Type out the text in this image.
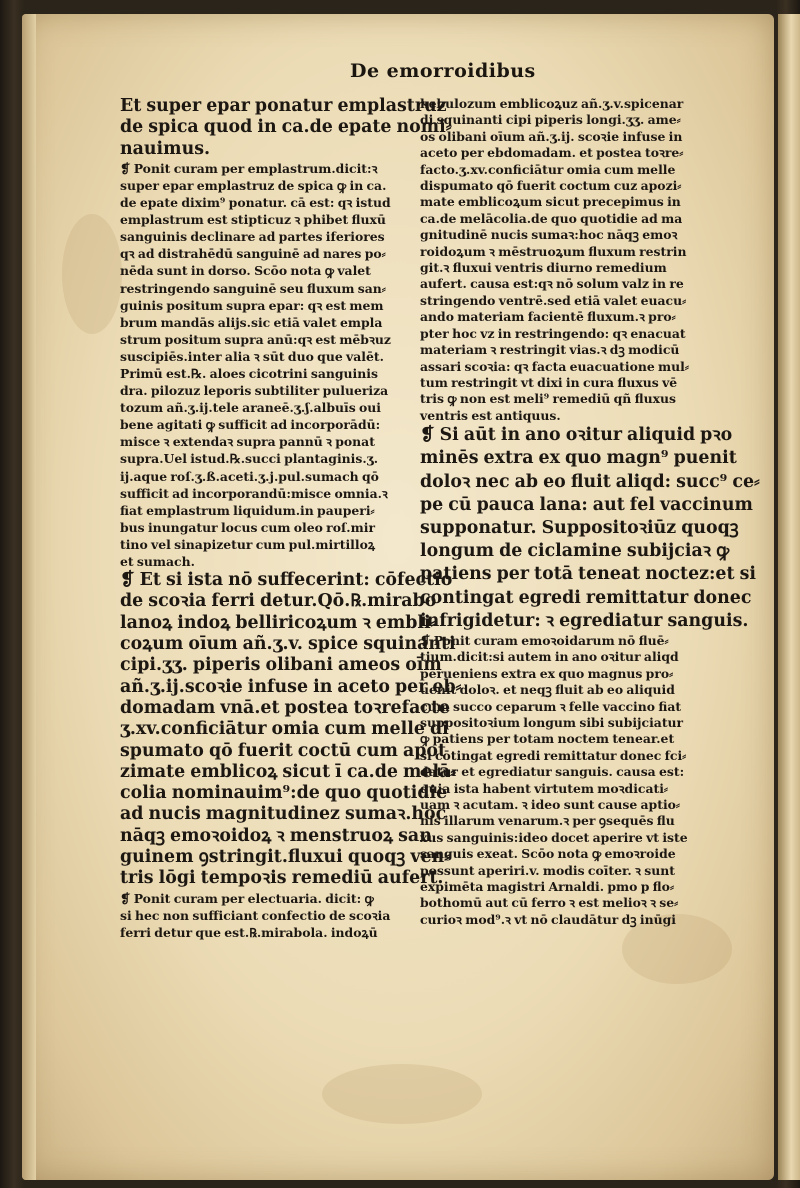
De emorroidibus
Et super epar ponatur emplastruz
de spica quod in ca.de epate nomi⸗
nauimus.
❡ Ponit curam per emplastrum.dicit:ꝛ
super epar emplastruz de spica ꝙ in ca.
de epate dixim⁹ ponatur. cā est: qꝛ istud
emplastrum est stipticuz ꝛ phibet fluxū
sanguinis declinare ad partes iferiores
qꝛ ad distrahēdū sanguinē ad nares po⸗
nēda sunt in dorso. Scōo nota ꝙ valet
restringendo sanguinē seu fluxum san⸗
guinis positum supra epar: qꝛ est mem
brum mandās alijs.sic etiā valet empla
strum positum supra anū:qꝛ est mēbꝛuz
suscipiēs.inter alia ꝛ sūt duo que valēt.
Primū est.℞. aloes cicotrini sanguinis
dra. pilozuz leporis subtiliter pulueriza
tozum añ.ʒ.ij.tele araneē.ʒ.ʃ.albuīs oui
bene agitati ꝙ sufficit ad incorporādū:
misce ꝛ extendaꝛ supra pannū ꝛ ponat
supra.Uel istud.℞.succi plantaginis.ʒ.
ij.aque roſ.ʒ.ß.aceti.ʒ.j.pul.sumach qō
sufficit ad incorporandū:misce omnia.ꝛ
fiat emplastrum liquidum.in pauperi⸗
bus inungatur locus cum oleo roſ.mir
tino vel sinapizetur cum pul.mirtilloꝝ
et sumach.
❡ Et si ista nō suffecerint: cōfectio
de scoꝛia ferri detur.Qō.℞.mirabo
lanoꝝ indoꝝ belliricoꝝum ꝛ embli⸗
coꝝum oīum añ.ʒ.v. spice squinanti
cipi.ʒʒ. piperis olibani ameos oīm
añ.ʒ.ij.scoꝛie infuse in aceto per eb⸗
domadam vnā.et postea toꝛrefacte
ʒ.xv.conficiātur omia cum melle di
spumato qō fuerit coctū cum apot
zimate emblicoꝝ sicut ī ca.de melā⸗
colia nominauim⁹:de quo quotidie
ad nucis magnitudinez sumaꝛ.hoc
nāqꝫ emoꝛoidoꝝ ꝛ menstruoꝝ san
guinem ꝯstringit.fluxui quoqꝫ ven⸗
tris lōgi tempoꝛis remediū aufert.
❡ Ponit curam per electuaria. dicit: ꝙ
si hec non sufficiant confectio de scoꝛia
ferri detur que est.℞.mirabola. indoꝝū
kebulozum emblicoꝝuz añ.ʒ.v.spicenar
di squinanti cipi piperis longi.ʒʒ. ame⸗
os olibani oīum añ.ʒ.ij. scoꝛie infuse in
aceto per ebdomadam. et postea toꝛre⸗
facto.ʒ.xv.conficiātur omia cum melle
dispumato qō fuerit coctum cuz apozi⸗
mate emblicoꝝum sicut precepimus in
ca.de melācolia.de quo quotidie ad ma
gnitudinē nucis sumaꝛ:hoc nāqꝫ emoꝛ
roidoꝝum ꝛ mēstruoꝝum fluxum restrin
git.ꝛ fluxui ventris diurno remedium
aufert. causa est:qꝛ nō solum valz in re
stringendo ventrē.sed etiā valet euacu⸗
ando materiam facientē fluxum.ꝛ pro⸗
pter hoc vz in restringendo: qꝛ enacuat
materiam ꝛ restringit vias.ꝛ dꝫ modicū
assari scoꝛia: qꝛ facta euacuatione mul⸗
tum restringit vt dixi in cura fluxus vē
tris ꝙ non est meli⁹ remediū qñ fluxus
ventris est antiquus.
❡ Si aūt in ano oꝛitur aliquid pꝛo
minēs extra ex quo magn⁹ puenit
doloꝛ nec ab eo fluit aliqd: succ⁹ ce⸗
pe cū pauca lana: aut fel vaccinum
supponatur. Suppositoꝛiūz quoqꝫ
longum de ciclamine subijciaꝛ ꝙ
patiens per totā teneat noctez:et si
contingat egredi remittatur donec
infrigidetur: ꝛ egrediatur sanguis.
❡ Ponit curam emoꝛoidarum nō fluē⸗
tium.dicit:si autem in ano oꝛitur aliqd
perueniens extra ex quo magnus pro⸗
uenit doloꝛ. et neqꝫ fluit ab eo aliquid
cum succo ceparum ꝛ felle vaccino fiat
suppositoꝛium longum sibi subijciatur
ꝙ patiens per totam noctem tenear.et
si cōtingat egredi remittatur donec fci⸗
datur et egrediatur sanguis. causa est:
quia ista habent virtutem moꝛdicati⸗
uam ꝛ acutam. ꝛ ideo sunt cause aptio⸗
nis illarum venarum.ꝛ per ꝯsequēs flu
xus sanguinis:ideo docet aperire vt iste
sanguis exeat. Scōo nota ꝙ emoꝛroide
possunt aperiri.v. modis coīter. ꝛ sunt
expimēta magistri Arnaldi. pmo p flo⸗
bothomū aut cū ferro ꝛ est melioꝛ ꝛ se⸗
curioꝛ mod⁹.ꝛ vt nō claudātur dꝫ inūgi
